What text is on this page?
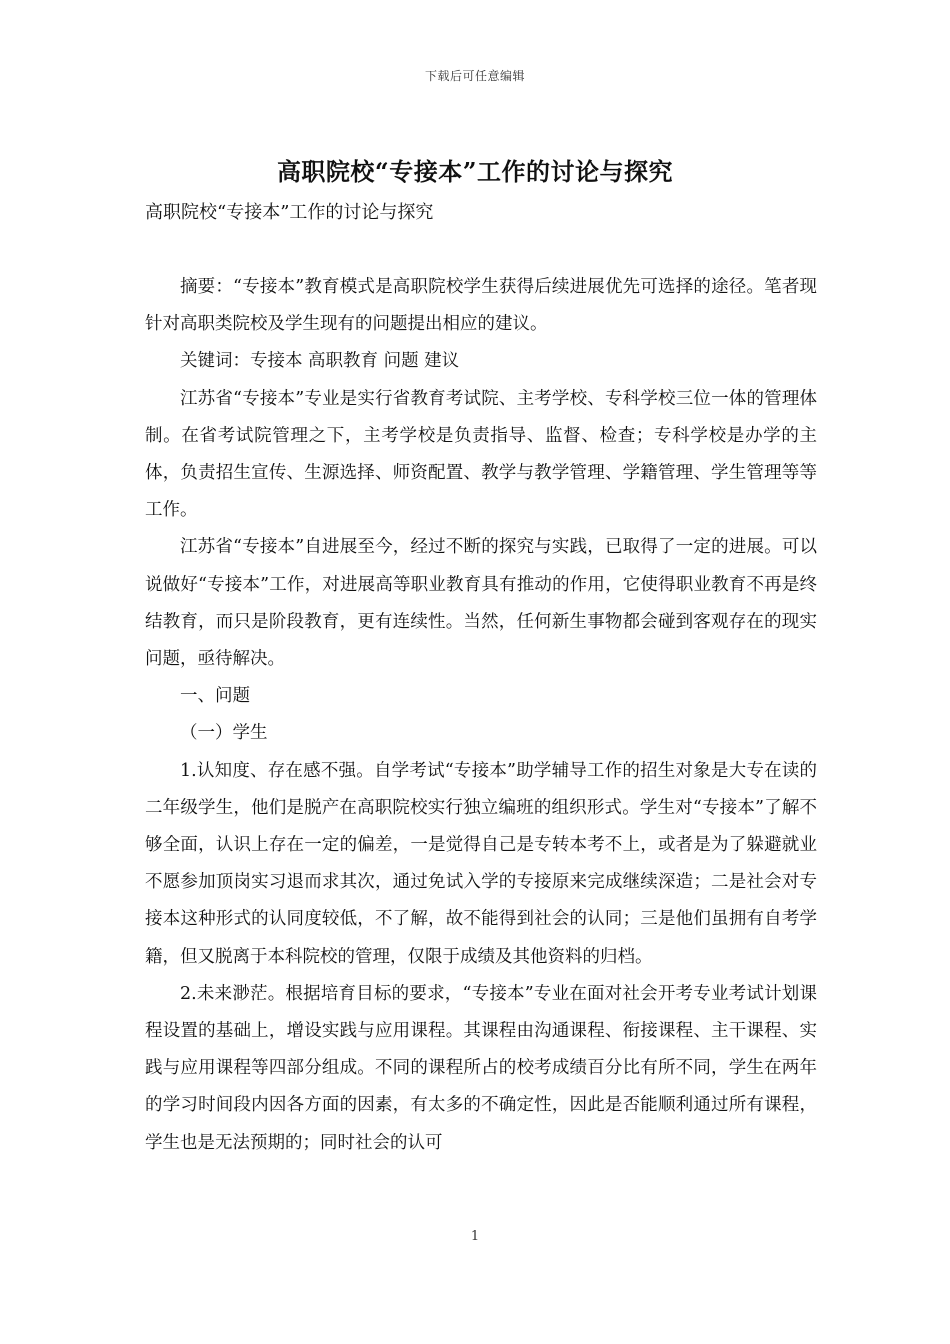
下载后可任意编辑
高职院校“专接本”工作的讨论与探究
高职院校“专接本”工作的讨论与探究

摘要：“专接本”教育模式是高职院校学生获得后续进展优先可选择的途径。笔者现针对高职类院校及学生现有的问题提出相应的建议。

关键词：专接本 高职教育 问题 建议

江苏省“专接本”专业是实行省教育考试院、主考学校、专科学校三位一体的管理体制。在省考试院管理之下，主考学校是负责指导、监督、检查；专科学校是办学的主体，负责招生宣传、生源选择、师资配置、教学与教学管理、学籍管理、学生管理等等工作。

江苏省“专接本”自进展至今，经过不断的探究与实践，已取得了一定的进展。可以说做好“专接本”工作，对进展高等职业教育具有推动的作用，它使得职业教育不再是终结教育，而只是阶段教育，更有连续性。当然，任何新生事物都会碰到客观存在的现实问题，亟待解决。

一、问题

（一）学生

1.认知度、存在感不强。自学考试“专接本”助学辅导工作的招生对象是大专在读的二年级学生，他们是脱产在高职院校实行独立编班的组织形式。学生对“专接本”了解不够全面，认识上存在一定的偏差，一是觉得自己是专转本考不上，或者是为了躲避就业不愿参加顶岗实习退而求其次，通过免试入学的专接原来完成继续深造；二是社会对专接本这种形式的认同度较低，不了解，故不能得到社会的认同；三是他们虽拥有自考学籍，但又脱离于本科院校的管理，仅限于成绩及其他资料的归档。

2.未来渺茫。根据培育目标的要求，“专接本”专业在面对社会开考专业考试计划课程设置的基础上，增设实践与应用课程。其课程由沟通课程、衔接课程、主干课程、实践与应用课程等四部分组成。不同的课程所占的校考成绩百分比有所不同，学生在两年的学习时间段内因各方面的因素，有太多的不确定性，因此是否能顺利通过所有课程，学生也是无法预期的；同时社会的认可

1
